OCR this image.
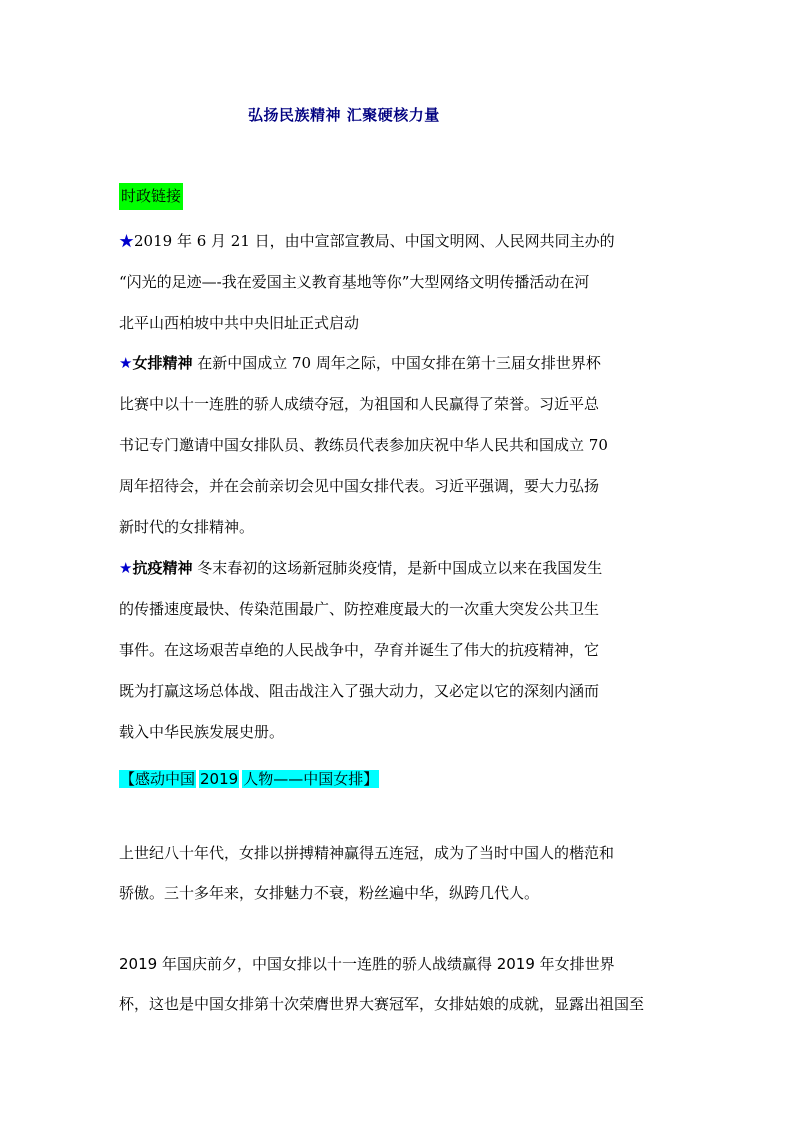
弘扬民族精神 汇聚硬核力量
时政链接
★2019 年 6 月 21 日，由中宣部宣教局、中国文明网、人民网共同主办的
“闪光的足迹—-我在爱国主义教育基地等你”大型网络文明传播活动在河
北平山西柏坡中共中央旧址正式启动
★女排精神 在新中国成立 70 周年之际，中国女排在第十三届女排世界杯
比赛中以十一连胜的骄人成绩夺冠，为祖国和人民赢得了荣誉。习近平总
书记专门邀请中国女排队员、教练员代表参加庆祝中华人民共和国成立 70
周年招待会，并在会前亲切会见中国女排代表。习近平强调，要大力弘扬
新时代的女排精神。
★抗疫精神 冬末春初的这场新冠肺炎疫情，是新中国成立以来在我国发生
的传播速度最快、传染范围最广、防控难度最大的一次重大突发公共卫生
事件。在这场艰苦卓绝的人民战争中，孕育并诞生了伟大的抗疫精神，它
既为打赢这场总体战、阻击战注入了强大动力，又必定以它的深刻内涵而
载入中华民族发展史册。
【感动中国 2019 人物——中国女排】
上世纪八十年代，女排以拼搏精神赢得五连冠，成为了当时中国人的楷范和
骄傲。三十多年来，女排魅力不衰，粉丝遍中华，纵跨几代人。
2019 年国庆前夕，中国女排以十一连胜的骄人战绩赢得 2019 年女排世界
杯，这也是中国女排第十次荣膺世界大赛冠军，女排姑娘的成就，显露出祖国至
